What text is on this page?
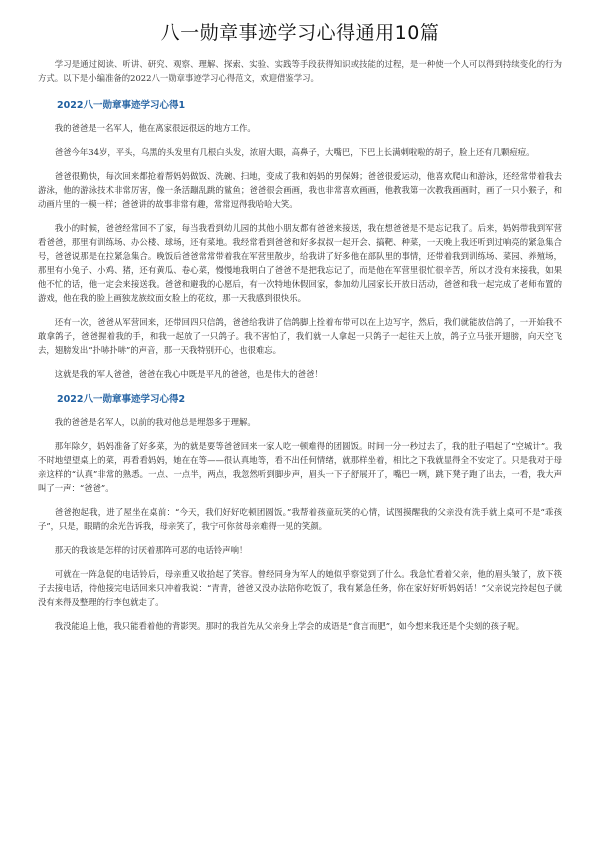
八一勋章事迹学习心得通用10篇

学习是通过阅读、听讲、研究、观察、理解、探索、实验、实践等手段获得知识或技能的过程，是一种使一个人可以得到持续变化的行为方式。以下是小编准备的2022八一勋章事迹学习心得范文，欢迎借鉴学习。

2022八一勋章事迹学习心得1

我的爸爸是一名军人，他在离家很远很远的地方工作。

爸爸今年34岁，平头，乌黑的头发里有几根白头发，浓眉大眼，高鼻子，大嘴巴，下巴上长满刺啦啦的胡子，脸上还有几颗痘痘。

爸爸很勤快，每次回来都抢着帮妈妈做饭、洗碗、扫地，变成了我和妈妈的男保姆；爸爸很爱运动，他喜欢爬山和游泳，还经常带着我去游泳，他的游泳技术非常厉害，像一条活蹦乱跳的鲨鱼；爸爸很会画画，我也非常喜欢画画，他教我第一次教我画画时，画了一只小猴子，和动画片里的一模一样；爸爸讲的故事非常有趣，常常逗得我哈哈大笑。

我小的时候，爸爸经常回不了家，每当我看到幼儿园的其他小朋友都有爸爸来接送，我在想爸爸是不是忘记我了。后来，妈妈带我到军营看爸爸，那里有训练场、办公楼、球场，还有菜地。我经常看到爸爸和好多叔叔一起开会、搞靶、种菜，一天晚上我还听到过响亮的紧急集合号，爸爸说那是在拉紧急集合。晚饭后爸爸常常带着我在军营里散步，给我讲了好多他在部队里的事情，还带着我到训练场、菜园、养殖场，那里有小兔子、小鸡、猪，还有黄瓜、卷心菜，慢慢地我明白了爸爸不是把我忘记了，而是他在军营里很忙很辛苦，所以才没有来接我，如果他不忙的话，他一定会来接送我。爸爸和避我的心愿后，有一次特地休假回家，参加幼儿园家长开放日活动，爸爸和我一起完成了老师布置的游戏，他在我的脸上画独龙族纹面女脸上的花纹，那一天我感到很快乐。

还有一次，爸爸从军营回来，还带回四只信鸽，爸爸给我讲了信鸽脚上拴着布带可以在上边写字，然后，我们就能放信鸽了，一开始我不敢拿鸽子，爸爸握着我的手，和我一起放了一只鸽子。我不害怕了，我们就一人拿起一只鸽子一起往天上放，鸽子立马张开翅膀，向天空飞去，翅膀发出“扑哧扑哧”的声音，那一天我特别开心，也很难忘。

这就是我的军人爸爸，爸爸在我心中既是平凡的爸爸，也是伟大的爸爸！

2022八一勋章事迹学习心得2

我的爸爸是名军人，以前的我对他总是埋怨多于理解。

那年除夕，妈妈准备了好多菜，为的就是要等爸爸回来一家人吃一顿难得的团圆饭。时间一分一秒过去了，我的肚子唱起了“空城计”。我不时地望望桌上的菜，再看看妈妈，她在在等——很认真地等，看不出任何情绪，就那样坐着，相比之下我就显得全不安定了。只是我对于母亲这样的“认真”非常的熟悉。一点、一点半，两点，我忽然听到脚步声，眉头一下子舒展开了，嘴巴一咧，跳下凳子跑了出去，一看，我大声叫了一声：“爸爸”。

爸爸抱起我，进了屋坐在桌前：“今天，我们好好吃顿团圆饭。”我帮着孩童玩笑的心情，试图摸醒我的父亲没有洗手就上桌可不是“乖孩子”，只是，眼睛的余光告诉我，母亲笑了，我宁可你贫母亲难得一见的笑颜。

那天的我该是怎样的讨厌着那阵可恶的电话铃声响！

可就在一阵急促的电话铃后，母亲重又收拾起了笑容。曾经同身为军人的她似乎察觉到了什么。我急忙看着父亲，他的眉头皱了，放下筷子去接电话，待他接完电话回来只冲着我说：“青青，爸爸又没办法陪你吃饭了，我有紧急任务，你在家好好听妈妈话！”父亲说完拎起包子就没有来得及整理的行李包就走了。

我没能追上他，我只能看着他的背影哭。那时的我首先从父亲身上学会的成语是“食言而肥”，如今想来我还是个尖刻的孩子呢。
